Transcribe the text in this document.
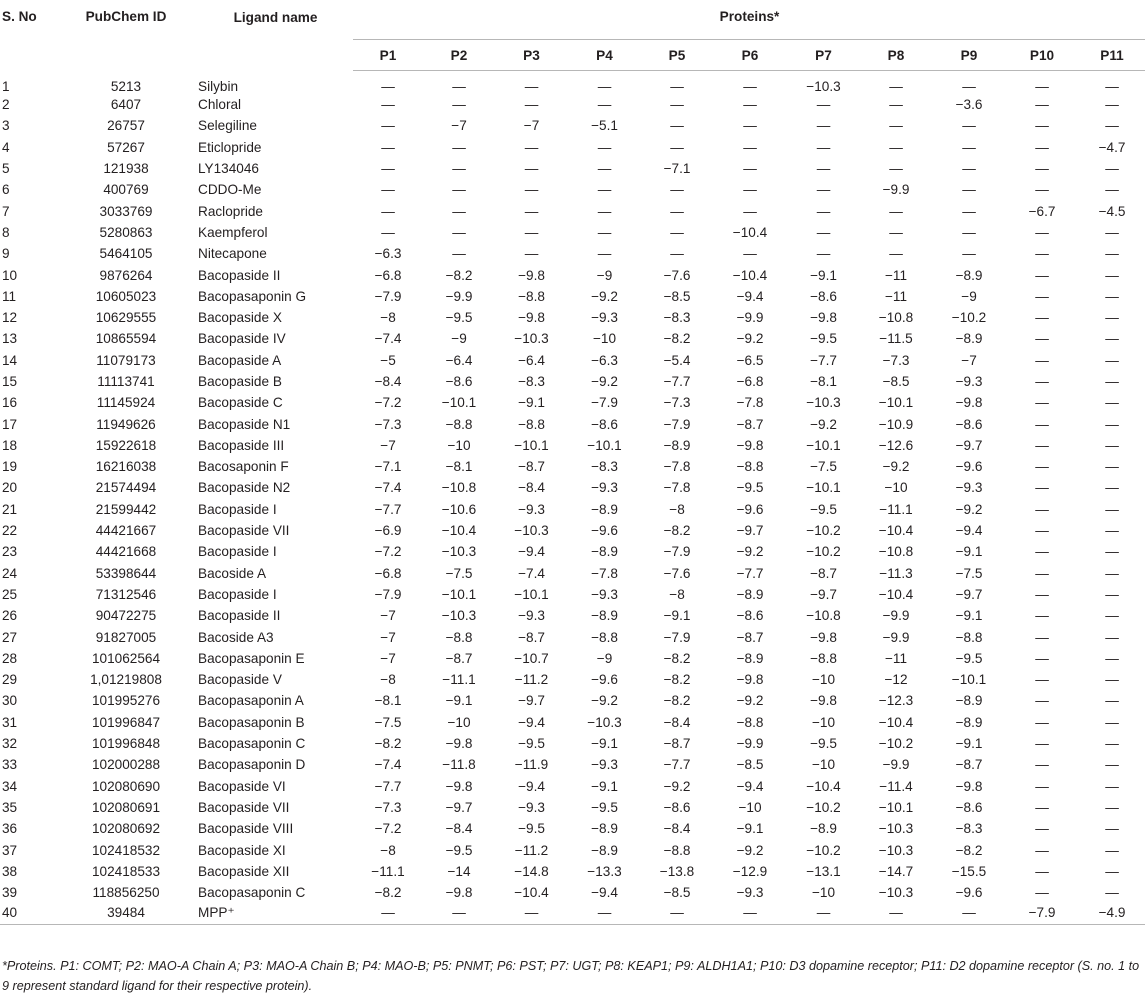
S. No	PubChem ID	Ligand name	Proteins*										
			P1	P2	P3	P4	P5	P6	P7	P8	P9	P10	P11
1	5213	Silybin	—	—	—	—	—	—	−10.3	—	—	—	—
2	6407	Chloral	—	—	—	—	—	—	—	—	−3.6	—	—
3	26757	Selegiline	—	−7	−7	−5.1	—	—	—	—	—	—	—
4	57267	Eticlopride	—	—	—	—	—	—	—	—	—	—	−4.7
5	121938	LY134046	—	—	—	—	−7.1	—	—	—	—	—	—
6	400769	CDDO-Me	—	—	—	—	—	—	—	−9.9	—	—	—
7	3033769	Raclopride	—	—	—	—	—	—	—	—	—	−6.7	−4.5
8	5280863	Kaempferol	—	—	—	—	—	−10.4	—	—	—	—	—
9	5464105	Nitecapone	−6.3	—	—	—	—	—	—	—	—	—	—
10	9876264	Bacopaside II	−6.8	−8.2	−9.8	−9	−7.6	−10.4	−9.1	−11	−8.9	—	—
11	10605023	Bacopasaponin G	−7.9	−9.9	−8.8	−9.2	−8.5	−9.4	−8.6	−11	−9	—	—
12	10629555	Bacopaside X	−8	−9.5	−9.8	−9.3	−8.3	−9.9	−9.8	−10.8	−10.2	—	—
13	10865594	Bacopaside IV	−7.4	−9	−10.3	−10	−8.2	−9.2	−9.5	−11.5	−8.9	—	—
14	11079173	Bacopaside A	−5	−6.4	−6.4	−6.3	−5.4	−6.5	−7.7	−7.3	−7	—	—
15	11113741	Bacopaside B	−8.4	−8.6	−8.3	−9.2	−7.7	−6.8	−8.1	−8.5	−9.3	—	—
16	11145924	Bacopaside C	−7.2	−10.1	−9.1	−7.9	−7.3	−7.8	−10.3	−10.1	−9.8	—	—
17	11949626	Bacopaside N1	−7.3	−8.8	−8.8	−8.6	−7.9	−8.7	−9.2	−10.9	−8.6	—	—
18	15922618	Bacopaside III	−7	−10	−10.1	−10.1	−8.9	−9.8	−10.1	−12.6	−9.7	—	—
19	16216038	Bacosaponin F	−7.1	−8.1	−8.7	−8.3	−7.8	−8.8	−7.5	−9.2	−9.6	—	—
20	21574494	Bacopaside N2	−7.4	−10.8	−8.4	−9.3	−7.8	−9.5	−10.1	−10	−9.3	—	—
21	21599442	Bacopaside I	−7.7	−10.6	−9.3	−8.9	−8	−9.6	−9.5	−11.1	−9.2	—	—
22	44421667	Bacopaside VII	−6.9	−10.4	−10.3	−9.6	−8.2	−9.7	−10.2	−10.4	−9.4	—	—
23	44421668	Bacopaside I	−7.2	−10.3	−9.4	−8.9	−7.9	−9.2	−10.2	−10.8	−9.1	—	—
24	53398644	Bacoside A	−6.8	−7.5	−7.4	−7.8	−7.6	−7.7	−8.7	−11.3	−7.5	—	—
25	71312546	Bacopaside I	−7.9	−10.1	−10.1	−9.3	−8	−8.9	−9.7	−10.4	−9.7	—	—
26	90472275	Bacopaside II	−7	−10.3	−9.3	−8.9	−9.1	−8.6	−10.8	−9.9	−9.1	—	—
27	91827005	Bacoside A3	−7	−8.8	−8.7	−8.8	−7.9	−8.7	−9.8	−9.9	−8.8	—	—
28	101062564	Bacopasaponin E	−7	−8.7	−10.7	−9	−8.2	−8.9	−8.8	−11	−9.5	—	—
29	1,01219808	Bacopaside V	−8	−11.1	−11.2	−9.6	−8.2	−9.8	−10	−12	−10.1	—	—
30	101995276	Bacopasaponin A	−8.1	−9.1	−9.7	−9.2	−8.2	−9.2	−9.8	−12.3	−8.9	—	—
31	101996847	Bacopasaponin B	−7.5	−10	−9.4	−10.3	−8.4	−8.8	−10	−10.4	−8.9	—	—
32	101996848	Bacopasaponin C	−8.2	−9.8	−9.5	−9.1	−8.7	−9.9	−9.5	−10.2	−9.1	—	—
33	102000288	Bacopasaponin D	−7.4	−11.8	−11.9	−9.3	−7.7	−8.5	−10	−9.9	−8.7	—	—
34	102080690	Bacopaside VI	−7.7	−9.8	−9.4	−9.1	−9.2	−9.4	−10.4	−11.4	−9.8	—	—
35	102080691	Bacopaside VII	−7.3	−9.7	−9.3	−9.5	−8.6	−10	−10.2	−10.1	−8.6	—	—
36	102080692	Bacopaside VIII	−7.2	−8.4	−9.5	−8.9	−8.4	−9.1	−8.9	−10.3	−8.3	—	—
37	102418532	Bacopaside XI	−8	−9.5	−11.2	−8.9	−8.8	−9.2	−10.2	−10.3	−8.2	—	—
38	102418533	Bacopaside XII	−11.1	−14	−14.8	−13.3	−13.8	−12.9	−13.1	−14.7	−15.5	—	—
39	118856250	Bacopasaponin C	−8.2	−9.8	−10.4	−9.4	−8.5	−9.3	−10	−10.3	−9.6	—	—
40	39484	MPP⁺	—	—	—	—	—	—	—	—	—	−7.9	−4.9
*Proteins. P1: COMT; P2: MAO-A Chain A; P3: MAO-A Chain B; P4: MAO-B; P5: PNMT; P6: PST; P7: UGT; P8: KEAP1; P9: ALDH1A1; P10: D3 dopamine receptor; P11: D2 dopamine receptor (S. no. 1 to 9 represent standard ligand for their respective protein).
